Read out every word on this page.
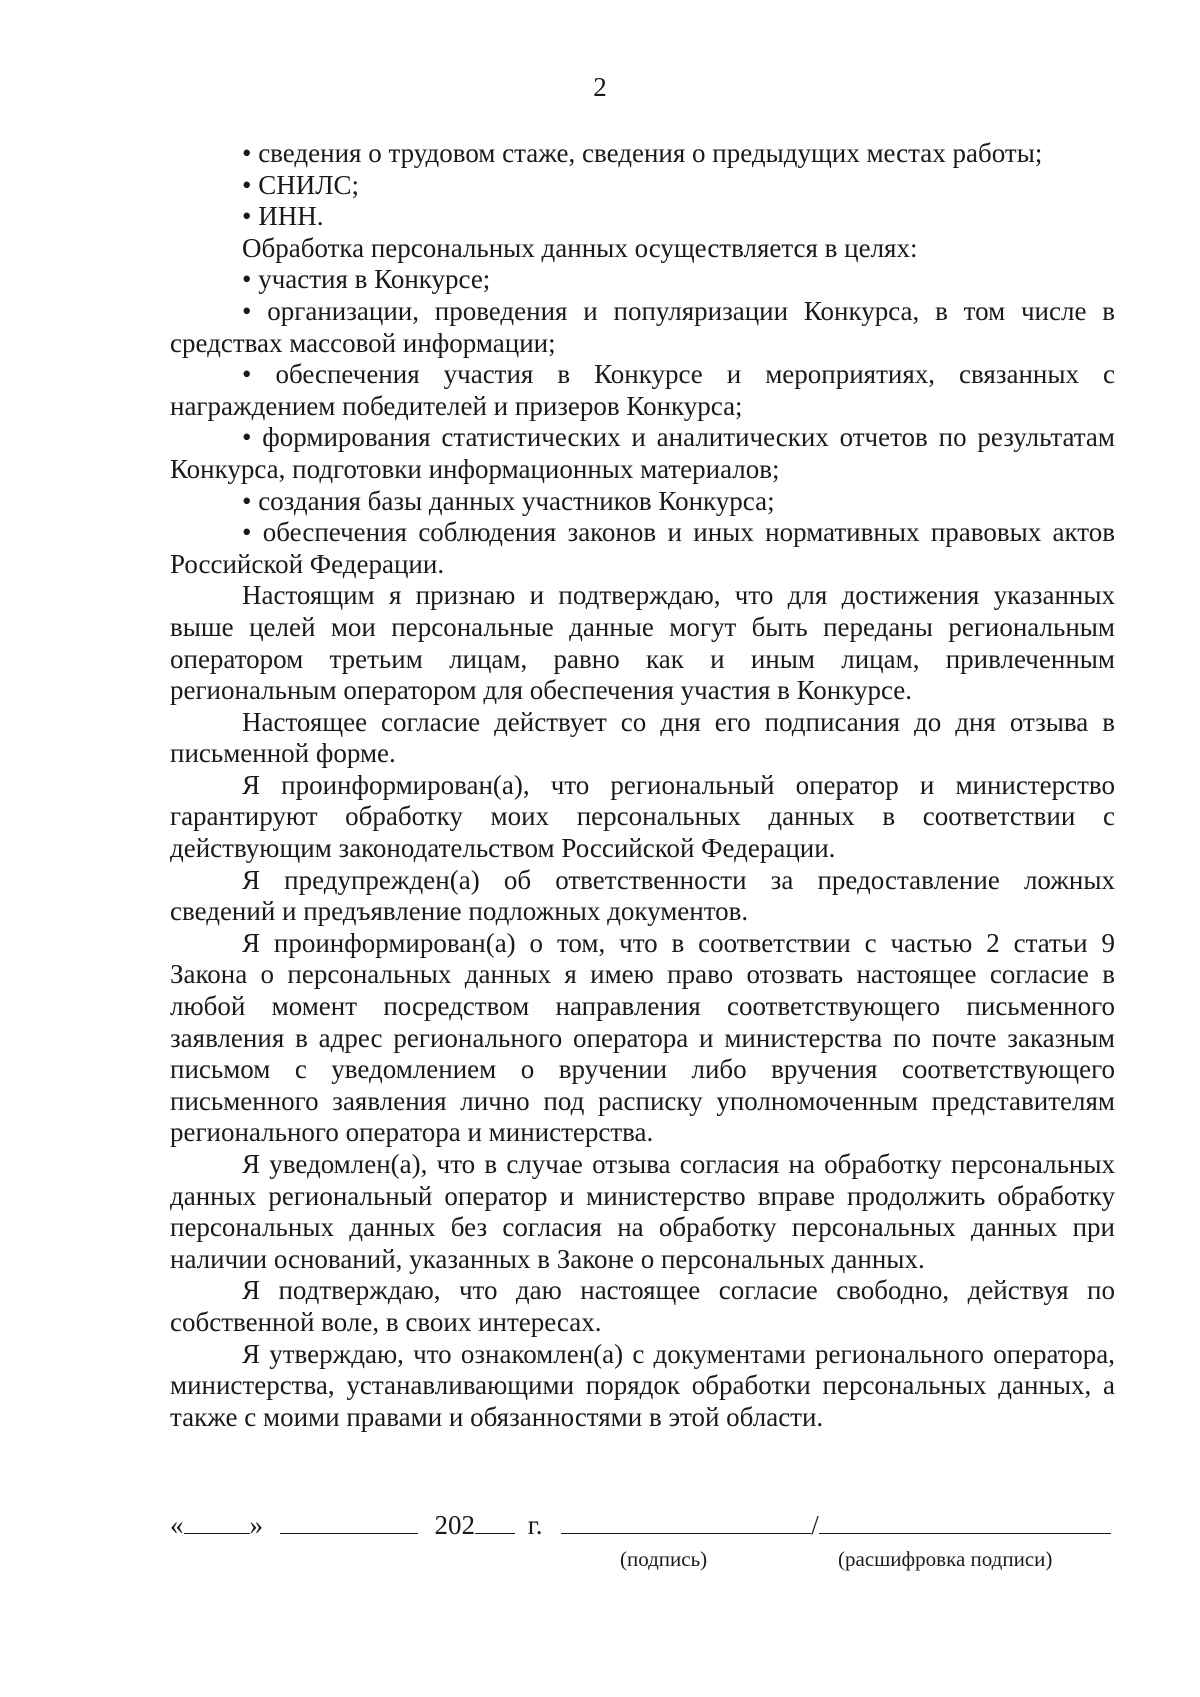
2

• сведения о трудовом стаже, сведения о предыдущих местах работы;

• СНИЛС;

• ИНН.

Обработка персональных данных осуществляется в целях:

• участия в Конкурсе;

• организации, проведения и популяризации Конкурса, в том числе в средствах массовой информации;

• обеспечения участия в Конкурсе и мероприятиях, связанных с награждением победителей и призеров Конкурса;

• формирования статистических и аналитических отчетов по результатам Конкурса, подготовки информационных материалов;

• создания базы данных участников Конкурса;

• обеспечения соблюдения законов и иных нормативных правовых актов Российской Федерации.

Настоящим я признаю и подтверждаю, что для достижения указанных выше целей мои персональные данные могут быть переданы региональным оператором третьим лицам, равно как и иным лицам, привлеченным региональным оператором для обеспечения участия в Конкурсе.

Настоящее согласие действует со дня его подписания до дня отзыва в письменной форме.

Я проинформирован(а), что региональный оператор и министерство гарантируют обработку моих персональных данных в соответствии с действующим законодательством Российской Федерации.

Я предупрежден(а) об ответственности за предоставление ложных сведений и предъявление подложных документов.

Я проинформирован(а) о том, что в соответствии с частью 2 статьи 9 Закона о персональных данных я имею право отозвать настоящее согласие в любой момент посредством направления соответствующего письменного заявления в адрес регионального оператора и министерства по почте заказным письмом с уведомлением о вручении либо вручения соответствующего письменного заявления лично под расписку уполномоченным представителям регионального оператора и министерства.

Я уведомлен(а), что в случае отзыва согласия на обработку персональных данных региональный оператор и министерство вправе продолжить обработку персональных данных без согласия на обработку персональных данных при наличии оснований, указанных в Законе о персональных данных.

Я подтверждаю, что даю настоящее согласие свободно, действуя по собственной воле, в своих интересах.

Я утверждаю, что ознакомлен(а) с документами регионального оператора, министерства, устанавливающими порядок обработки персональных данных, а также с моими правами и обязанностями в этой области.

« »	202 г.	/
(подпись)	(расшифровка подписи)
